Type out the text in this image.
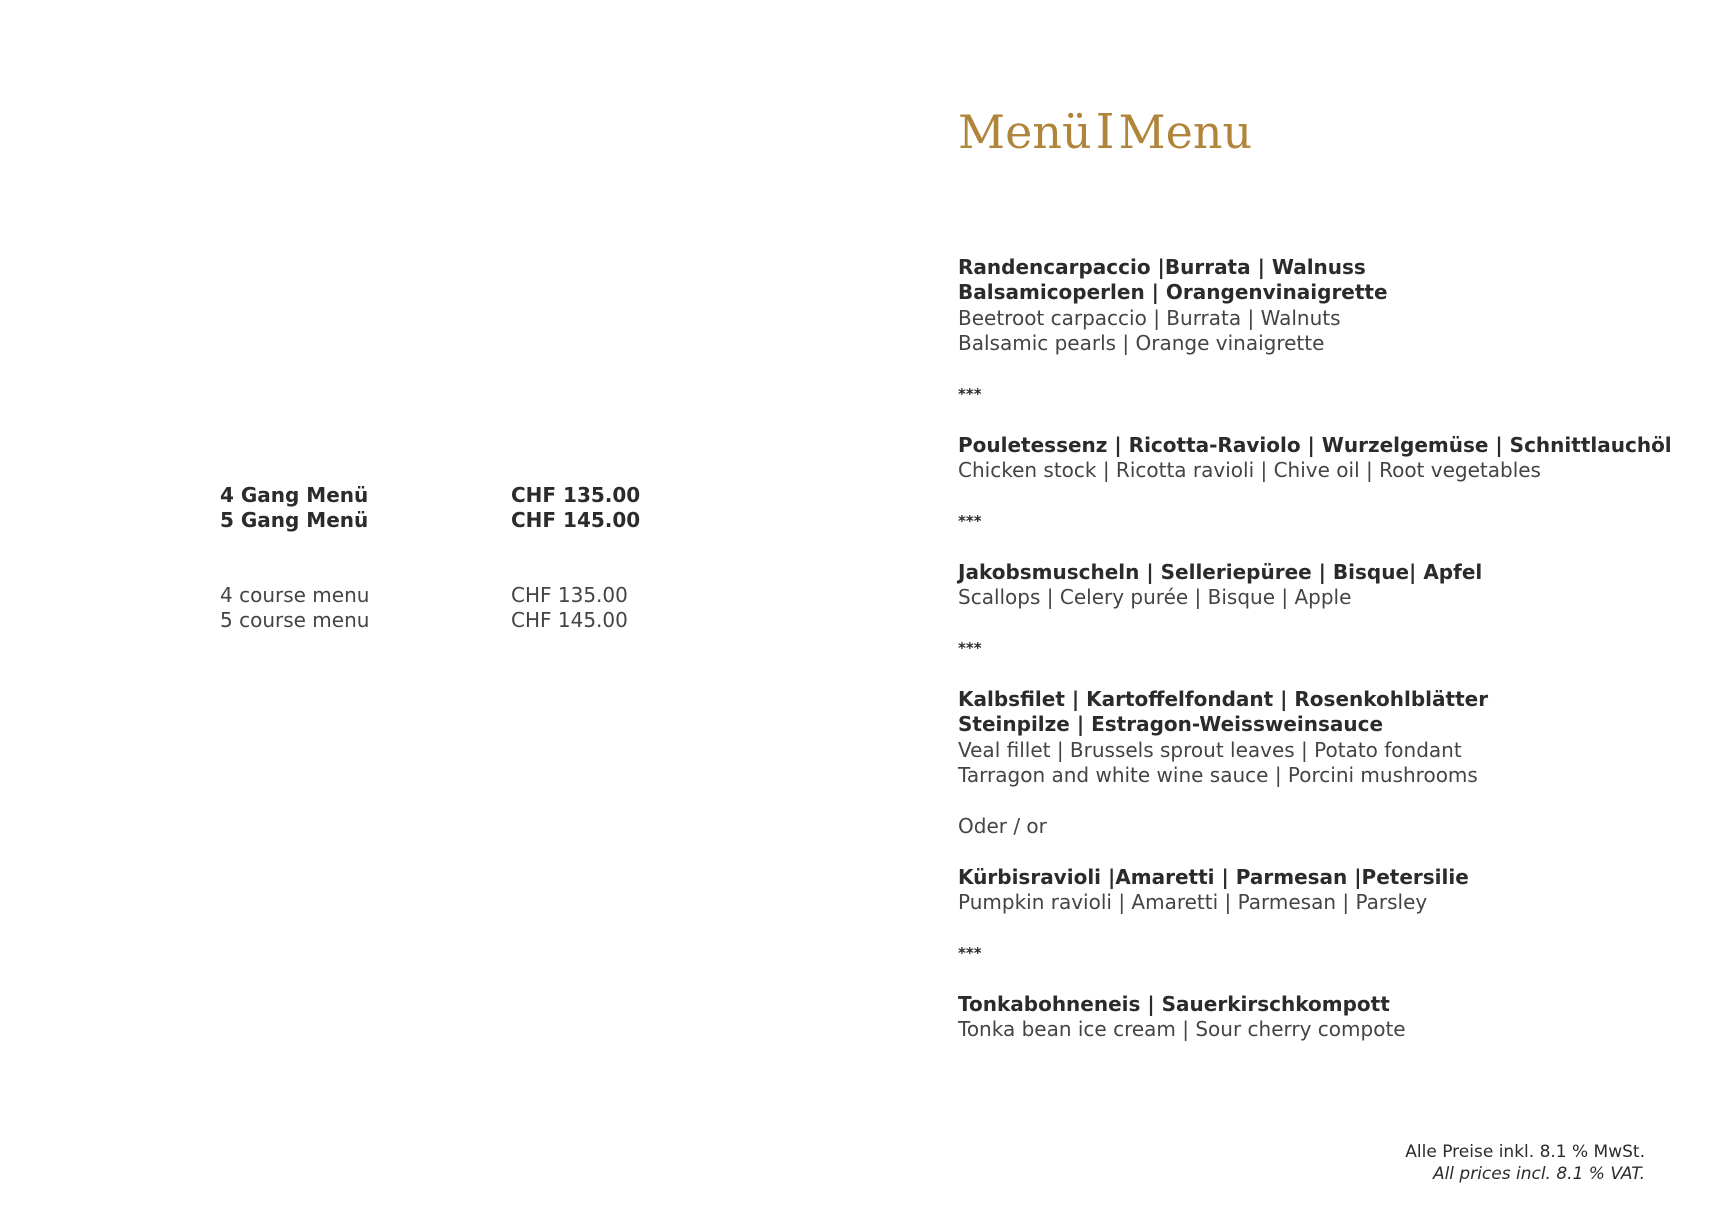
4 Gang Menü	CHF 135.00
5 Gang Menü	CHF 145.00
4 course menu	CHF 135.00
5 course menu	CHF 145.00
MenüIMenu
Randencarpaccio |Burrata | Walnuss
Balsamicoperlen | Orangenvinaigrette
Beetroot carpaccio | Burrata | Walnuts
Balsamic pearls | Orange vinaigrette
***
Pouletessenz | Ricotta-Raviolo | Wurzelgemüse | Schnittlauchöl
Chicken stock | Ricotta ravioli | Chive oil | Root vegetables
***
Jakobsmuscheln | Selleriepüree | Bisque| Apfel
Scallops | Celery purée | Bisque | Apple
***
Kalbsfilet | Kartoffelfondant | Rosenkohlblätter
Steinpilze | Estragon-Weissweinsauce
Veal fillet | Brussels sprout leaves | Potato fondant
Tarragon and white wine sauce | Porcini mushrooms
Oder / or
Kürbisravioli |Amaretti | Parmesan |Petersilie
Pumpkin ravioli | Amaretti | Parmesan | Parsley
***
Tonkabohneneis | Sauerkirschkompott
Tonka bean ice cream | Sour cherry compote
Alle Preise inkl. 8.1 % MwSt.
All prices incl. 8.1 % VAT.
